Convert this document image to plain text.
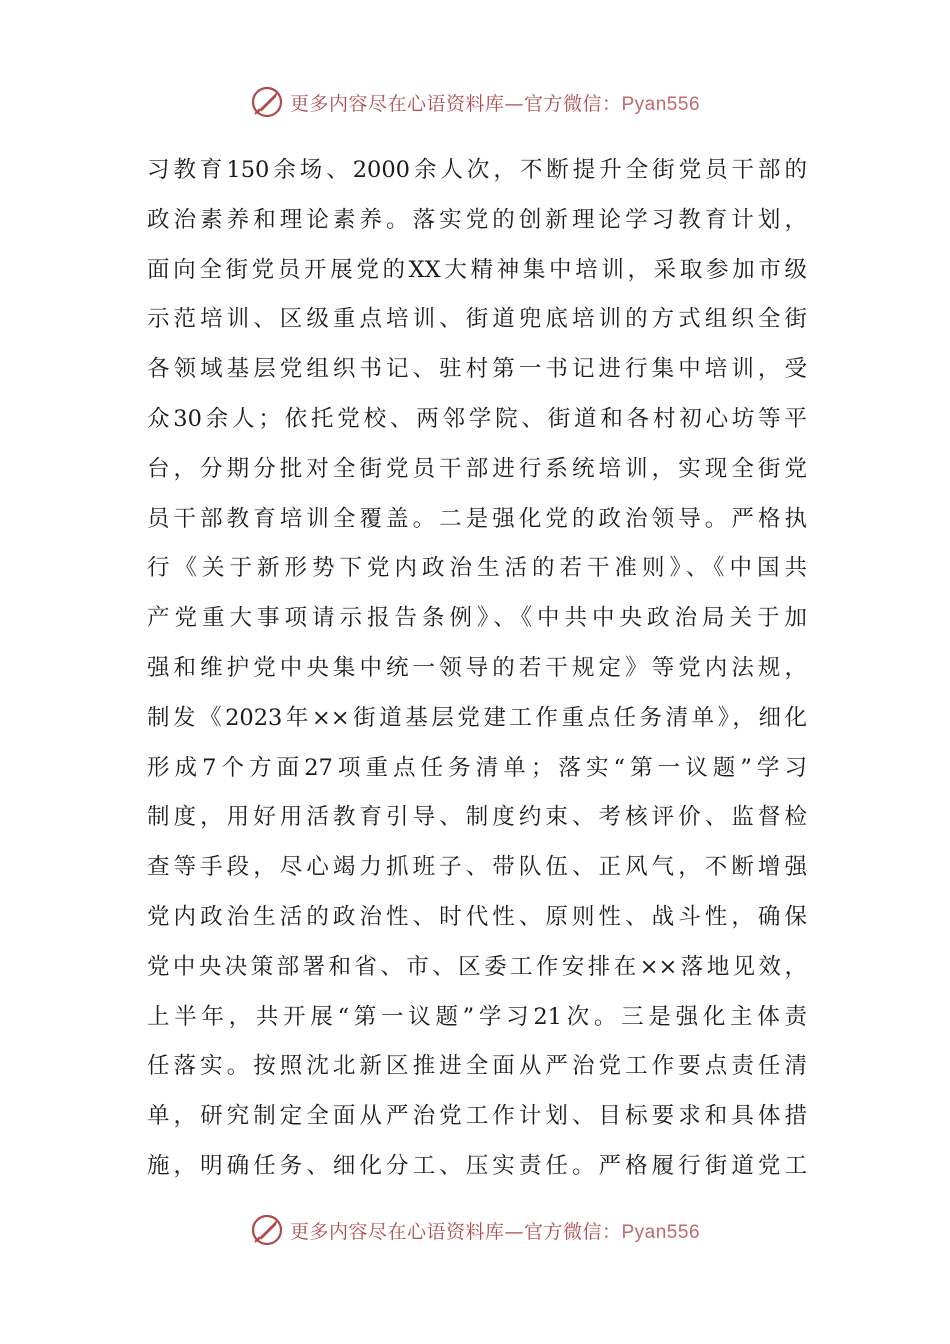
更多内容尽在心语资料库—官方微信：Pyan556
习教育150余场、2000余人次，不断提升全街党员干部的
政治素养和理论素养。落实党的创新理论学习教育计划，
面向全街党员开展党的XX大精神集中培训，采取参加市级
示范培训、区级重点培训、街道兜底培训的方式组织全街
各领域基层党组织书记、驻村第一书记进行集中培训，受
众30余人；依托党校、两邻学院、街道和各村初心坊等平
台，分期分批对全街党员干部进行系统培训，实现全街党
员干部教育培训全覆盖。二是强化党的政治领导。严格执
行《关于新形势下党内政治生活的若干准则》、《中国共
产党重大事项请示报告条例》、《中共中央政治局关于加
强和维护党中央集中统一领导的若干规定》等党内法规，
制发《2023年××街道基层党建工作重点任务清单》，细化
形成7个方面27项重点任务清单；落实“第一议题”学习
制度，用好用活教育引导、制度约束、考核评价、监督检
查等手段，尽心竭力抓班子、带队伍、正风气，不断增强
党内政治生活的政治性、时代性、原则性、战斗性，确保
党中央决策部署和省、市、区委工作安排在××落地见效，
上半年，共开展“第一议题”学习21次。三是强化主体责
任落实。按照沈北新区推进全面从严治党工作要点责任清
单，研究制定全面从严治党工作计划、目标要求和具体措
施，明确任务、细化分工、压实责任。严格履行街道党工
更多内容尽在心语资料库—官方微信：Pyan556
